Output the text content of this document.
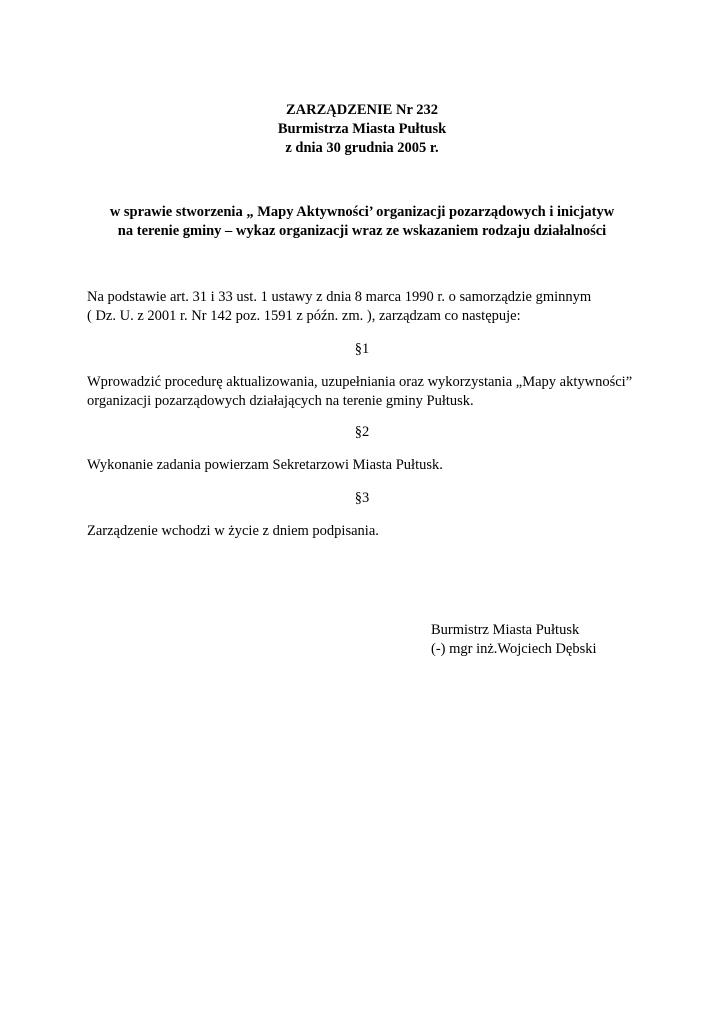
ZARZĄDZENIE Nr 232
Burmistrza Miasta Pułtusk
z dnia 30 grudnia 2005 r.
w sprawie stworzenia „ Mapy Aktywności’ organizacji pozarządowych i inicjatyw
na terenie gminy – wykaz organizacji wraz ze wskazaniem rodzaju działalności
Na podstawie art. 31 i 33 ust. 1 ustawy z dnia 8 marca 1990 r. o samorządzie gminnym
( Dz. U. z 2001 r. Nr 142 poz. 1591 z późn. zm. ), zarządzam co następuje:
§1
Wprowadzić procedurę aktualizowania, uzupełniania oraz wykorzystania „Mapy aktywności”
organizacji pozarządowych działających na terenie gminy Pułtusk.
§2
Wykonanie zadania powierzam Sekretarzowi Miasta Pułtusk.
§3
Zarządzenie wchodzi w życie z dniem podpisania.
Burmistrz Miasta Pułtusk
(-) mgr inż.Wojciech Dębski
